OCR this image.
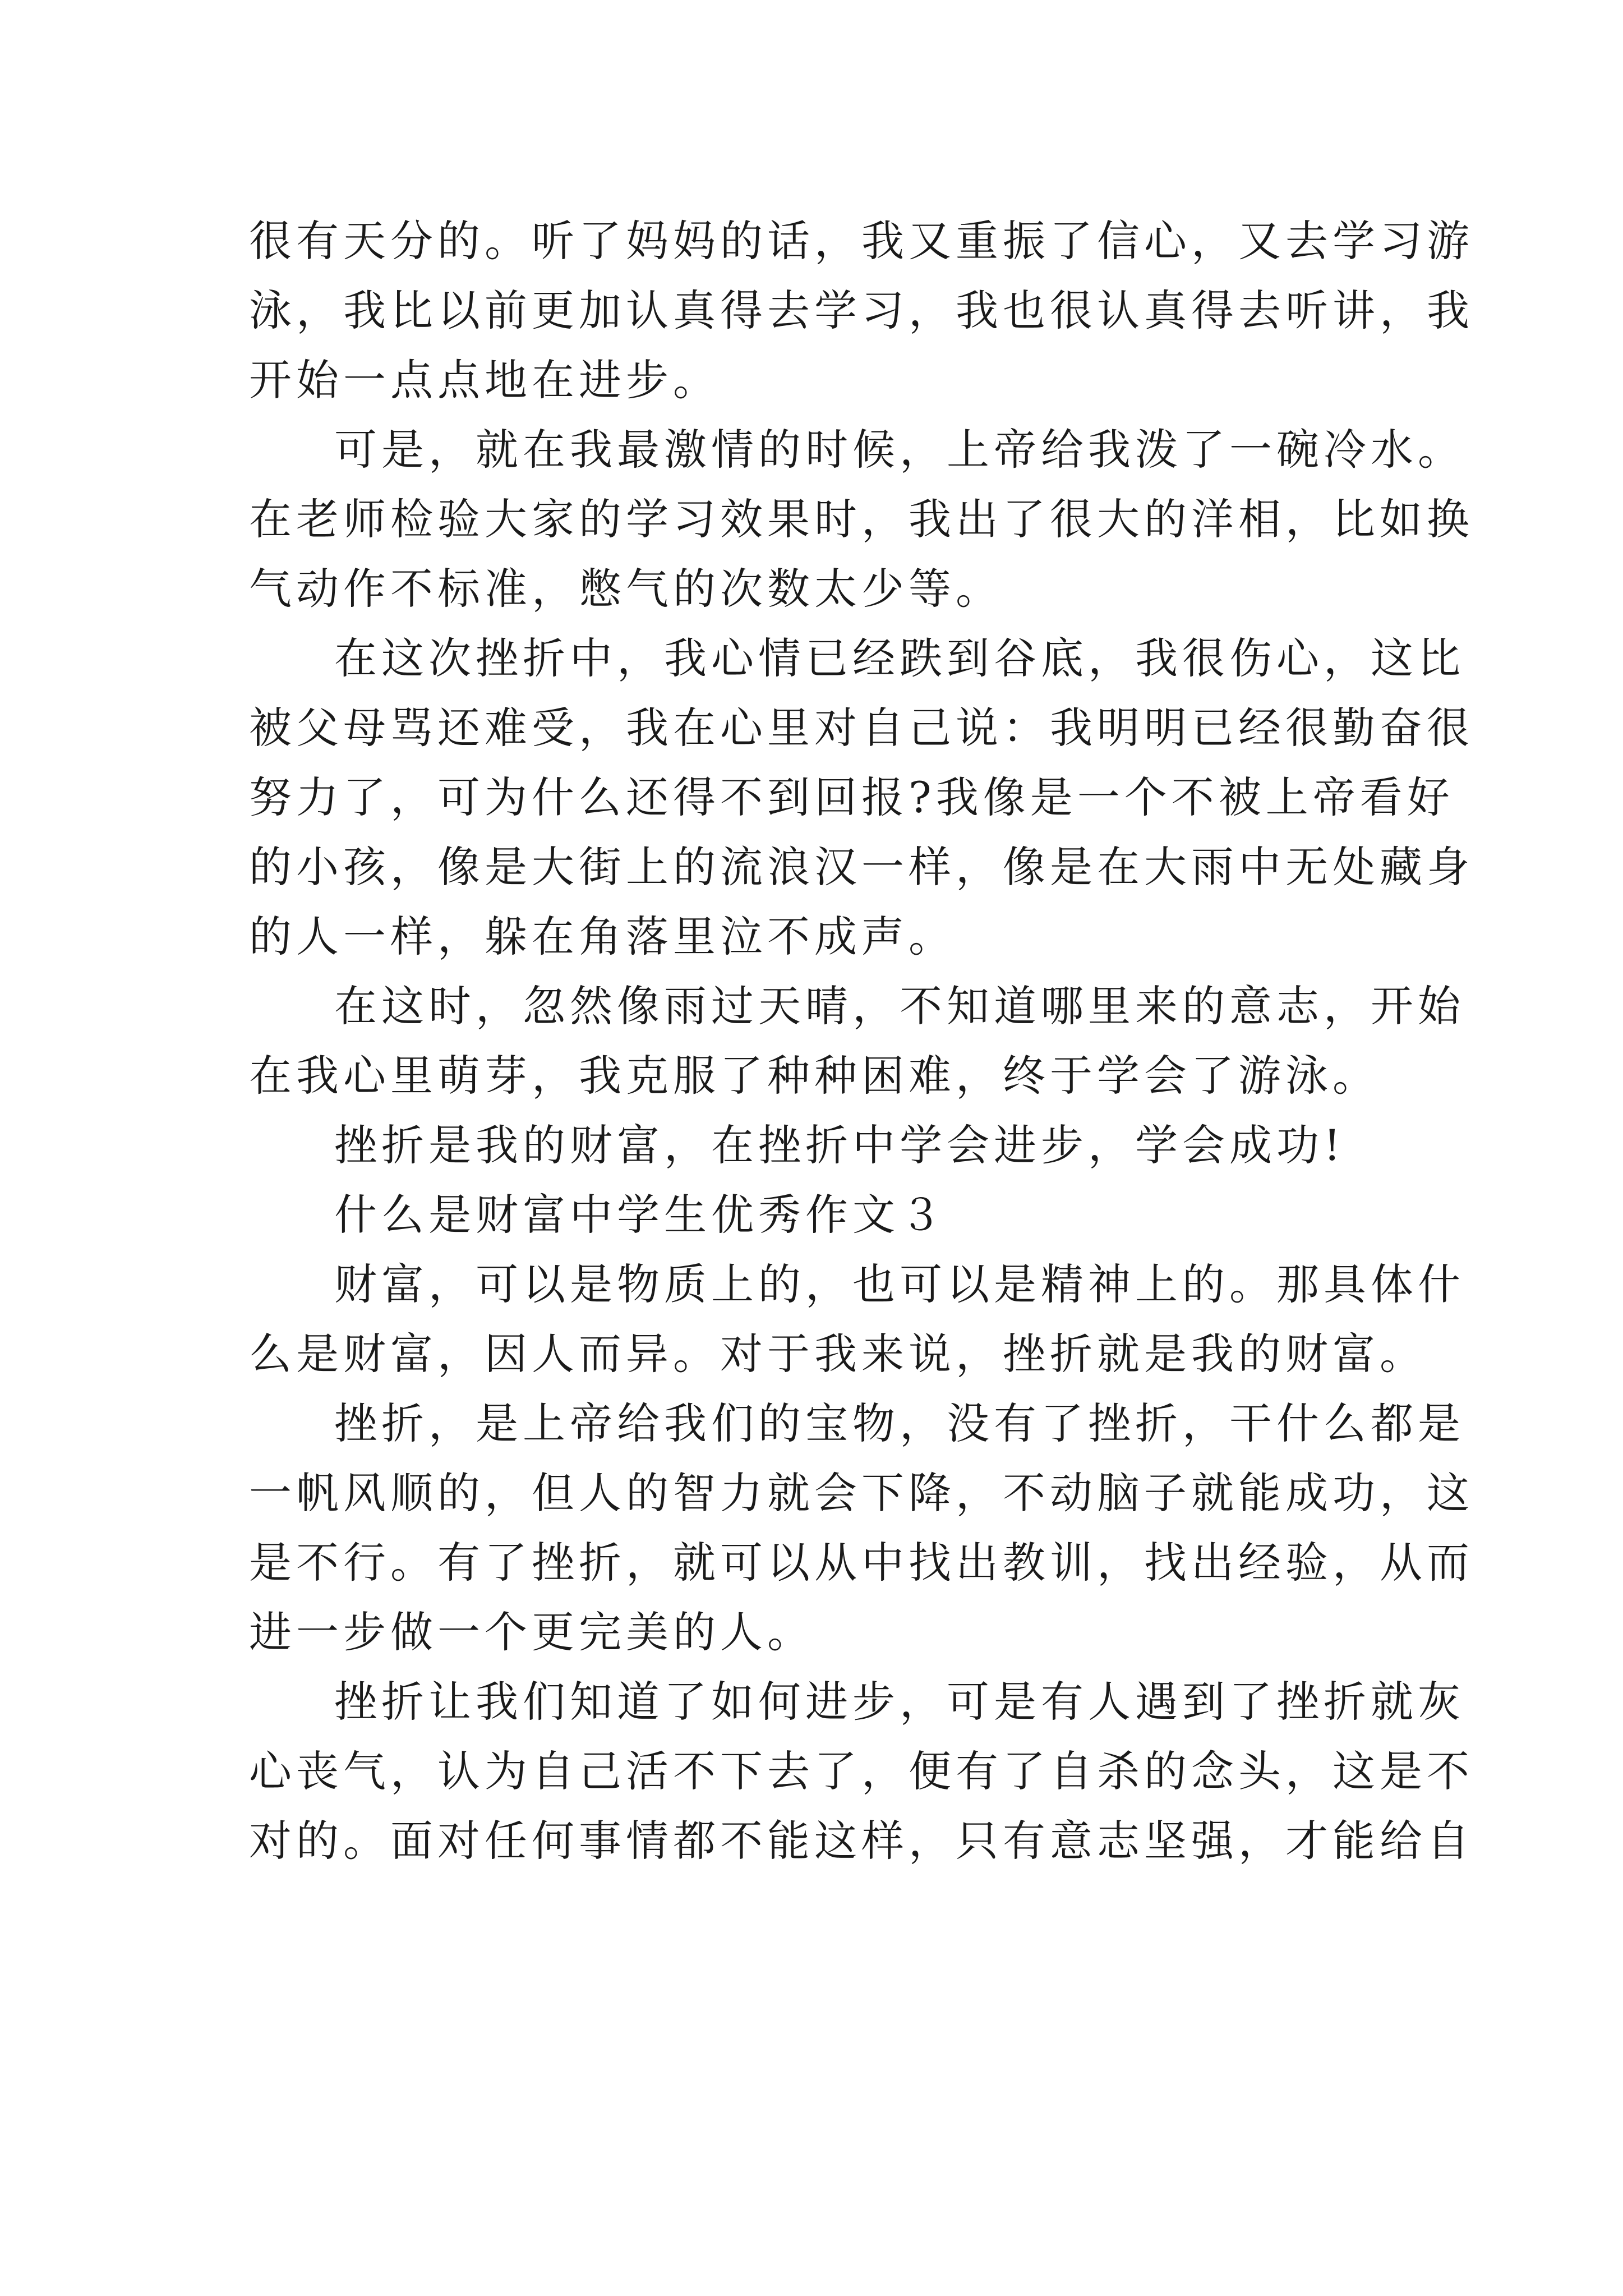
很有天分的。听了妈妈的话，我又重振了信心，又去学习游
泳，我比以前更加认真得去学习，我也很认真得去听讲，我
开始一点点地在进步。

可是，就在我最激情的时候，上帝给我泼了一碗冷水。
在老师检验大家的学习效果时，我出了很大的洋相，比如换
气动作不标准，憋气的次数太少等。

在这次挫折中，我心情已经跌到谷底，我很伤心，这比
被父母骂还难受，我在心里对自己说：我明明已经很勤奋很
努力了，可为什么还得不到回报?我像是一个不被上帝看好
的小孩，像是大街上的流浪汉一样，像是在大雨中无处藏身
的人一样，躲在角落里泣不成声。

在这时，忽然像雨过天晴，不知道哪里来的意志，开始
在我心里萌芽，我克服了种种困难，终于学会了游泳。

挫折是我的财富，在挫折中学会进步，学会成功!

什么是财富中学生优秀作文３

财富，可以是物质上的，也可以是精神上的。那具体什
么是财富，因人而异。对于我来说，挫折就是我的财富。

挫折，是上帝给我们的宝物，没有了挫折，干什么都是
一帆风顺的，但人的智力就会下降，不动脑子就能成功，这
是不行。有了挫折，就可以从中找出教训，找出经验，从而
进一步做一个更完美的人。

挫折让我们知道了如何进步，可是有人遇到了挫折就灰
心丧气，认为自己活不下去了，便有了自杀的念头，这是不
对的。面对任何事情都不能这样，只有意志坚强，才能给自
